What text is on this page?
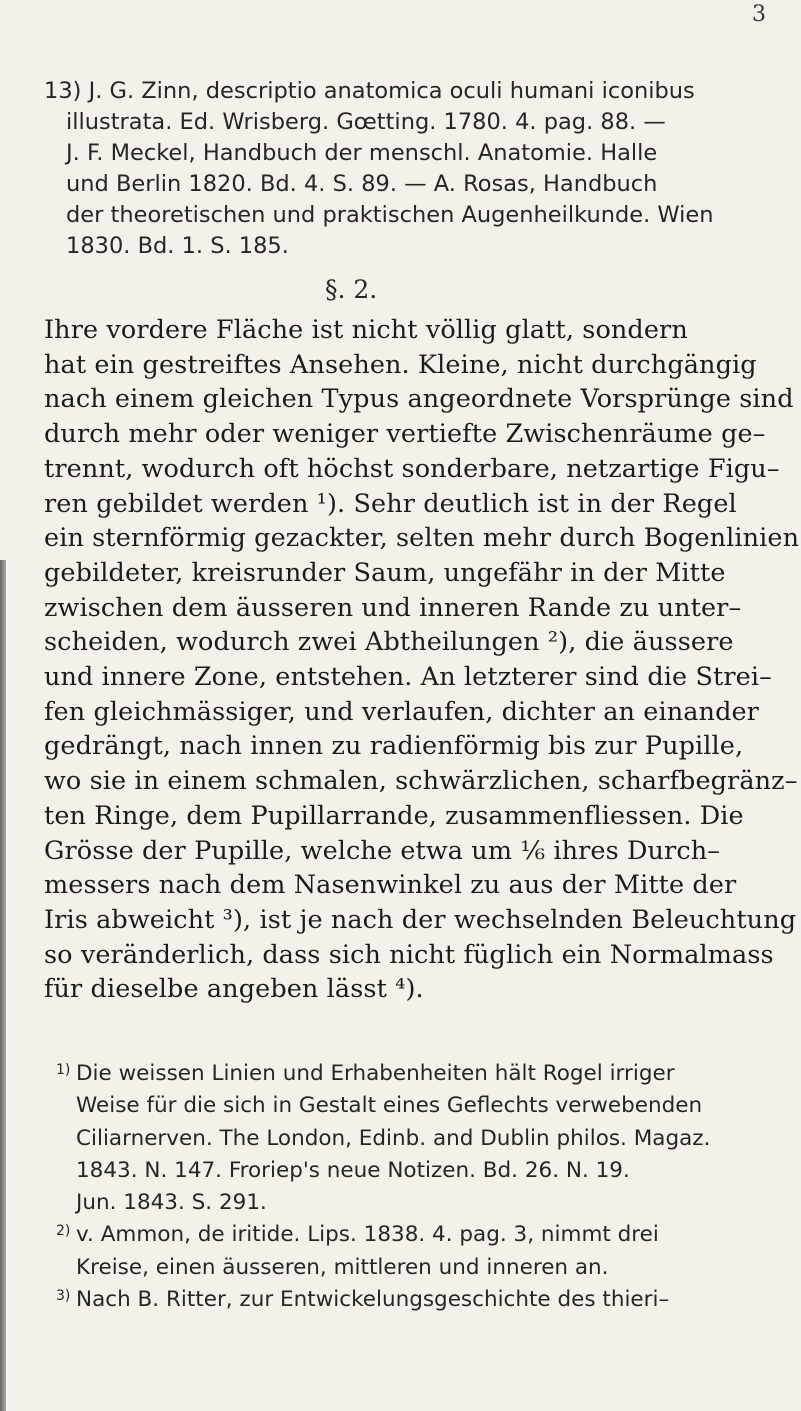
3

13) J. G. Zinn, descriptio anatomica oculi humani iconibus
illustrata. Ed. Wrisberg. Gœtting. 1780. 4. pag. 88. —
J. F. Meckel, Handbuch der menschl. Anatomie. Halle
und Berlin 1820. Bd. 4. S. 89. — A. Rosas, Handbuch
der theoretischen und praktischen Augenheilkunde. Wien
1830. Bd. 1. S. 185.

§. 2.

Ihre vordere Fläche ist nicht völlig glatt, sondern
hat ein gestreiftes Ansehen. Kleine, nicht durchgängig
nach einem gleichen Typus angeordnete Vorsprünge sind
durch mehr oder weniger vertiefte Zwischenräume ge–
trennt, wodurch oft höchst sonderbare, netzartige Figu–
ren gebildet werden ¹). Sehr deutlich ist in der Regel
ein sternförmig gezackter, selten mehr durch Bogenlinien
gebildeter, kreisrunder Saum, ungefähr in der Mitte
zwischen dem äusseren und inneren Rande zu unter–
scheiden, wodurch zwei Abtheilungen ²), die äussere
und innere Zone, entstehen. An letzterer sind die Strei–
fen gleichmässiger, und verlaufen, dichter an einander
gedrängt, nach innen zu radienförmig bis zur Pupille,
wo sie in einem schmalen, schwärzlichen, scharfbegränz–
ten Ringe, dem Pupillarrande, zusammenfliessen. Die
Grösse der Pupille, welche etwa um ⅙ ihres Durch–
messers nach dem Nasenwinkel zu aus der Mitte der
Iris abweicht ³), ist je nach der wechselnden Beleuchtung
so veränderlich, dass sich nicht füglich ein Normalmass
für dieselbe angeben lässt ⁴).

1) Die weissen Linien und Erhabenheiten hält Rogel irriger
Weise für die sich in Gestalt eines Geflechts verwebenden
Ciliarnerven. The London, Edinb. and Dublin philos. Magaz.
1843. N. 147. Froriep's neue Notizen. Bd. 26. N. 19.
Jun. 1843. S. 291.
2) v. Ammon, de iritide. Lips. 1838. 4. pag. 3, nimmt drei
Kreise, einen äusseren, mittleren und inneren an.
3) Nach B. Ritter, zur Entwickelungsgeschichte des thieri–
